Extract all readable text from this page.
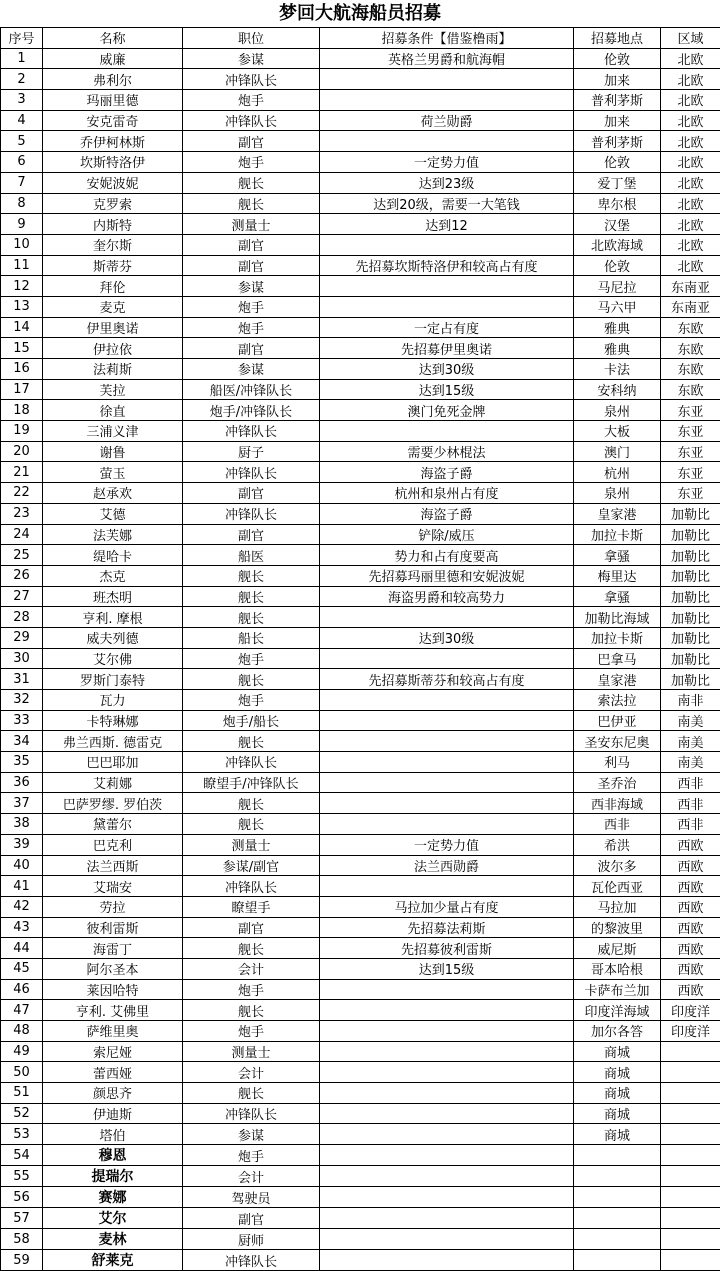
梦回大航海船员招募
序号	名称	职位	招募条件【借鉴橹雨】	招募地点	区域
1	威廉	参谋	英格兰男爵和航海帽	伦敦	北欧
2	弗利尔	冲锋队长		加来	北欧
3	玛丽里德	炮手		普利茅斯	北欧
4	安克雷奇	冲锋队长	荷兰勋爵	加来	北欧
5	乔伊柯林斯	副官		普利茅斯	北欧
6	坎斯特洛伊	炮手	一定势力值	伦敦	北欧
7	安妮波妮	舰长	达到23级	爱丁堡	北欧
8	克罗索	舰长	达到20级，需要一大笔钱	卑尔根	北欧
9	内斯特	测量士	达到12	汉堡	北欧
10	奎尔斯	副官		北欧海域	北欧
11	斯蒂芬	副官	先招募坎斯特洛伊和较高占有度	伦敦	北欧
12	拜伦	参谋		马尼拉	东南亚
13	麦克	炮手		马六甲	东南亚
14	伊里奥诺	炮手	一定占有度	雅典	东欧
15	伊拉依	副官	先招募伊里奥诺	雅典	东欧
16	法莉斯	参谋	达到30级	卡法	东欧
17	芙拉	船医/冲锋队长	达到15级	安科纳	东欧
18	徐直	炮手/冲锋队长	澳门免死金牌	泉州	东亚
19	三浦义津	冲锋队长		大板	东亚
20	谢鲁	厨子	需要少林棍法	澳门	东亚
21	萤玉	冲锋队长	海盗子爵	杭州	东亚
22	赵承欢	副官	杭州和泉州占有度	泉州	东亚
23	艾德	冲锋队长	海盗子爵	皇家港	加勒比
24	法芙娜	副官	铲除/威压	加拉卡斯	加勒比
25	缇哈卡	船医	势力和占有度要高	拿骚	加勒比
26	杰克	舰长	先招募玛丽里德和安妮波妮	梅里达	加勒比
27	班杰明	舰长	海盗男爵和较高势力	拿骚	加勒比
28	亨利. 摩根	舰长		加勒比海域	加勒比
29	威夫列德	船长	达到30级	加拉卡斯	加勒比
30	艾尔佛	炮手		巴拿马	加勒比
31	罗斯门泰特	舰长	先招募斯蒂芬和较高占有度	皇家港	加勒比
32	瓦力	炮手		索法拉	南非
33	卡特琳娜	炮手/船长		巴伊亚	南美
34	弗兰西斯. 德雷克	舰长		圣安东尼奥	南美
35	巴巴耶加	冲锋队长		利马	南美
36	艾莉娜	瞭望手/冲锋队长		圣乔治	西非
37	巴萨罗缪. 罗伯茨	舰长		西非海域	西非
38	黛蕾尔	舰长		西非	西非
39	巴克利	测量士	一定势力值	希洪	西欧
40	法兰西斯	参谋/副官	法兰西勋爵	波尔多	西欧
41	艾瑞安	冲锋队长		瓦伦西亚	西欧
42	劳拉	瞭望手	马拉加少量占有度	马拉加	西欧
43	彼利雷斯	副官	先招募法莉斯	的黎波里	西欧
44	海雷丁	舰长	先招募彼利雷斯	威尼斯	西欧
45	阿尔圣本	会计	达到15级	哥本哈根	西欧
46	莱因哈特	炮手		卡萨布兰加	西欧
47	亨利. 艾佛里	舰长		印度洋海域	印度洋
48	萨维里奥	炮手		加尔各答	印度洋
49	索尼娅	测量士		商城	
50	蕾西娅	会计		商城	
51	颜思齐	舰长		商城	
52	伊迪斯	冲锋队长		商城	
53	塔伯	参谋		商城	
54	穆恩	炮手			
55	提瑞尔	会计			
56	赛娜	驾驶员			
57	艾尔	副官			
58	麦林	厨师			
59	舒莱克	冲锋队长			
